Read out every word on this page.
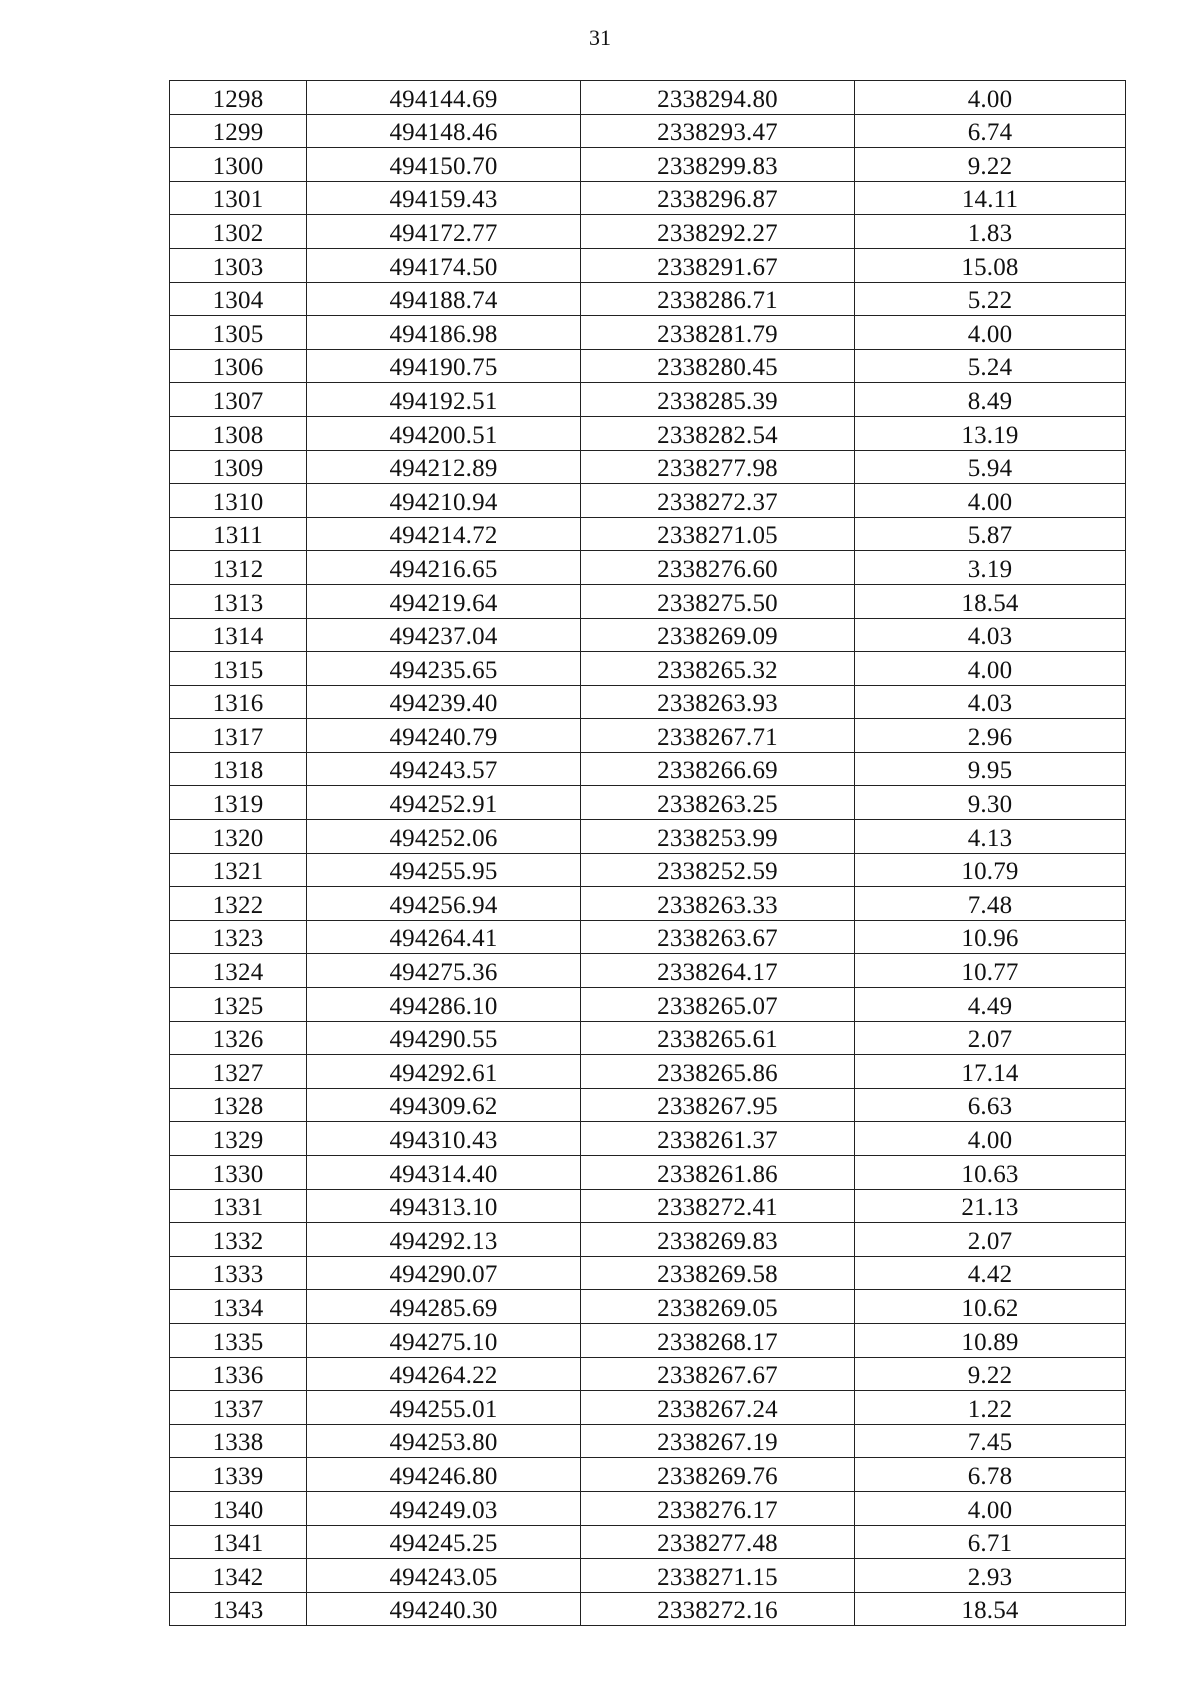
31
1298	494144.69	2338294.80	4.00
1299	494148.46	2338293.47	6.74
1300	494150.70	2338299.83	9.22
1301	494159.43	2338296.87	14.11
1302	494172.77	2338292.27	1.83
1303	494174.50	2338291.67	15.08
1304	494188.74	2338286.71	5.22
1305	494186.98	2338281.79	4.00
1306	494190.75	2338280.45	5.24
1307	494192.51	2338285.39	8.49
1308	494200.51	2338282.54	13.19
1309	494212.89	2338277.98	5.94
1310	494210.94	2338272.37	4.00
1311	494214.72	2338271.05	5.87
1312	494216.65	2338276.60	3.19
1313	494219.64	2338275.50	18.54
1314	494237.04	2338269.09	4.03
1315	494235.65	2338265.32	4.00
1316	494239.40	2338263.93	4.03
1317	494240.79	2338267.71	2.96
1318	494243.57	2338266.69	9.95
1319	494252.91	2338263.25	9.30
1320	494252.06	2338253.99	4.13
1321	494255.95	2338252.59	10.79
1322	494256.94	2338263.33	7.48
1323	494264.41	2338263.67	10.96
1324	494275.36	2338264.17	10.77
1325	494286.10	2338265.07	4.49
1326	494290.55	2338265.61	2.07
1327	494292.61	2338265.86	17.14
1328	494309.62	2338267.95	6.63
1329	494310.43	2338261.37	4.00
1330	494314.40	2338261.86	10.63
1331	494313.10	2338272.41	21.13
1332	494292.13	2338269.83	2.07
1333	494290.07	2338269.58	4.42
1334	494285.69	2338269.05	10.62
1335	494275.10	2338268.17	10.89
1336	494264.22	2338267.67	9.22
1337	494255.01	2338267.24	1.22
1338	494253.80	2338267.19	7.45
1339	494246.80	2338269.76	6.78
1340	494249.03	2338276.17	4.00
1341	494245.25	2338277.48	6.71
1342	494243.05	2338271.15	2.93
1343	494240.30	2338272.16	18.54
